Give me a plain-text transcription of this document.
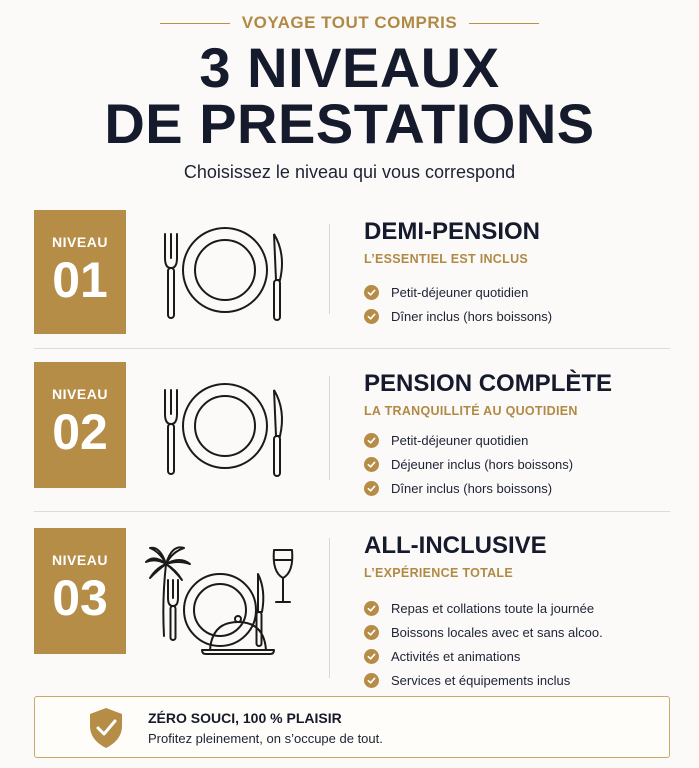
VOYAGE TOUT COMPRIS
3 NIVEAUX
DE PRESTATIONS
Choisissez le niveau qui vous correspond
NIVEAU
01
DEMI-PENSION
L’ESSENTIEL EST INCLUS
Petit-déjeuner quotidien
Dîner inclus (hors boissons)
NIVEAU
02
PENSION COMPLÈTE
LA TRANQUILLITÉ AU QUOTIDIEN
Petit-déjeuner quotidien
Déjeuner inclus (hors boissons)
Dîner inclus (hors boissons)
NIVEAU
03
ALL-INCLUSIVE
L’EXPÉRIENCE TOTALE
Repas et collations toute la journée
Boissons locales avec et sans alcoo.
Activités et animations
Services et équipements inclus
ZÉRO SOUCI, 100 % PLAISIR
Profitez pleinement, on s’occupe de tout.
